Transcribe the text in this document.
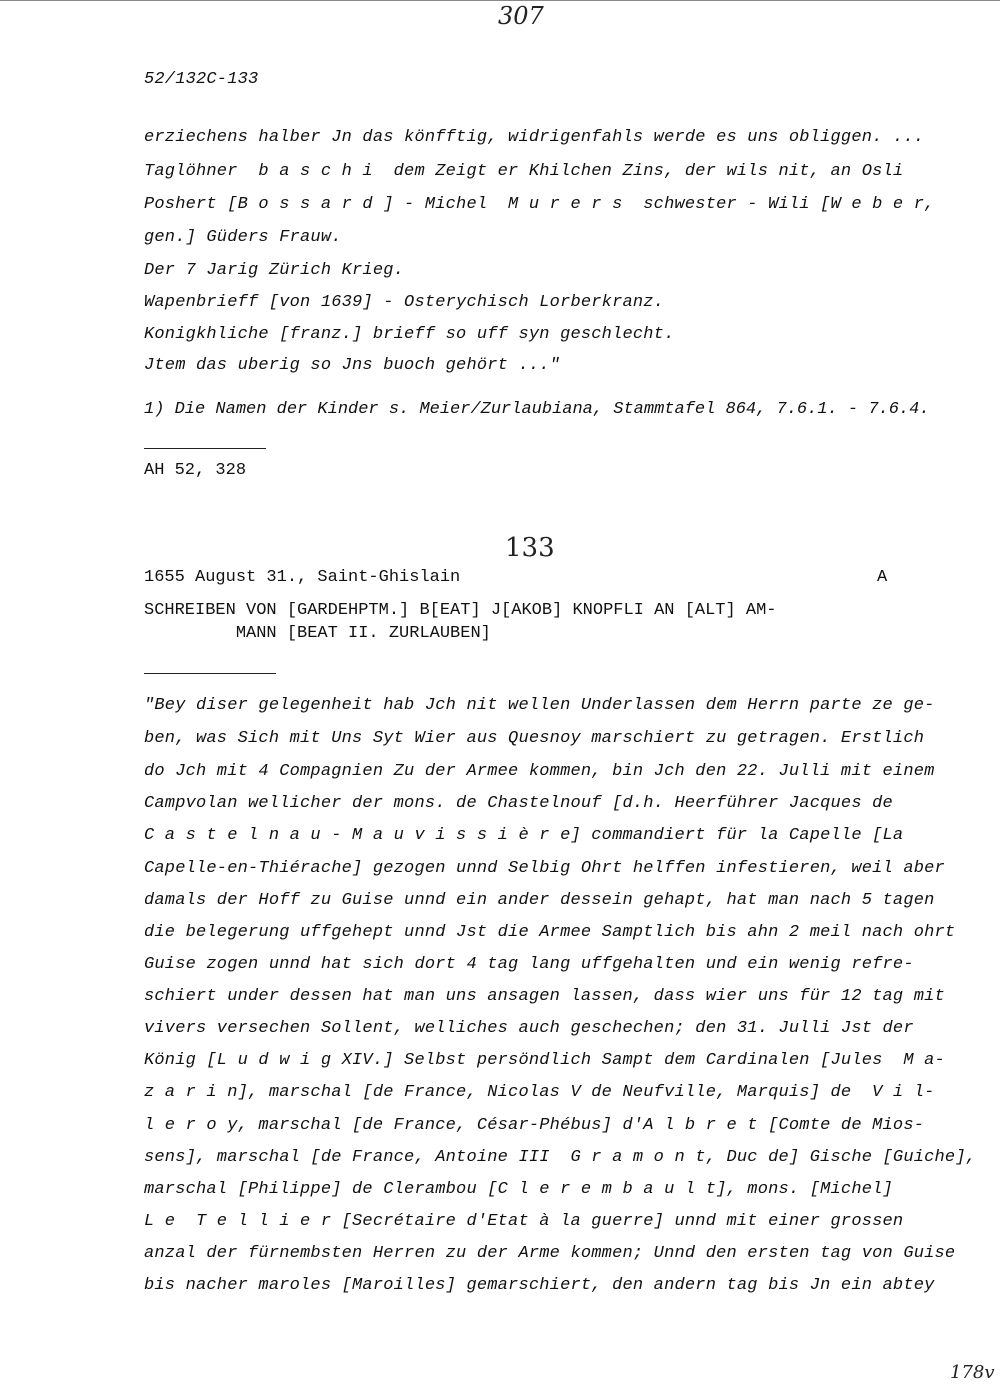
307
52/132C-133
erziechens halber Jn das könfftig, widrigenfahls werde es uns obliggen. ...
Taglöhner  b a s c h i  dem Zeigt er Khilchen Zins, der wils nit, an Osli
Poshert [B o s s a r d ] - Michel  M u r e r s  schwester - Wili [W e b e r,
gen.] Güders Frauw.
Der 7 Jarig Zürich Krieg.
Wapenbrieff [von 1639] - Osterychisch Lorberkranz.
Konigkhliche [franz.] brieff so uff syn geschlecht.
Jtem das uberig so Jns buoch gehört ..."
1) Die Namen der Kinder s. Meier/Zurlaubiana, Stammtafel 864, 7.6.1. - 7.6.4.
AH 52, 328
133
1655 August 31., Saint-Ghislain	A
SCHREIBEN VON [GARDEHPTM.] B[EAT] J[AKOB] KNOPFLI AN [ALT] AM-
MANN [BEAT II. ZURLAUBEN]
"Bey diser gelegenheit hab Jch nit wellen Underlassen dem Herrn parte ze ge-
ben, was Sich mit Uns Syt Wier aus Quesnoy marschiert zu getragen. Erstlich
do Jch mit 4 Compagnien Zu der Armee kommen, bin Jch den 22. Julli mit einem
Campvolan wellicher der mons. de Chastelnouf [d.h. Heerführer Jacques de
C a s t e l n a u - M a u v i s s i è r e] commandiert für la Capelle [La
Capelle-en-Thiérache] gezogen unnd Selbig Ohrt helffen infestieren, weil aber
damals der Hoff zu Guise unnd ein ander dessein gehapt, hat man nach 5 tagen
die belegerung uffgehept unnd Jst die Armee Samptlich bis ahn 2 meil nach ohrt
Guise zogen unnd hat sich dort 4 tag lang uffgehalten und ein wenig refre-
schiert under dessen hat man uns ansagen lassen, dass wier uns für 12 tag mit
vivers versechen Sollent, welliches auch geschechen; den 31. Julli Jst der
König [L u d w i g XIV.] Selbst persöndlich Sampt dem Cardinalen [Jules  M a-
z a r i n], marschal [de France, Nicolas V de Neufville, Marquis] de  V i l-
l e r o y, marschal [de France, César-Phébus] d'A l b r e t [Comte de Mios-
sens], marschal [de France, Antoine III  G r a m o n t, Duc de] Gische [Guiche],
marschal [Philippe] de Clerambou [C l e r e m b a u l t], mons. [Michel]
L e  T e l l i e r [Secrétaire d'Etat à la guerre] unnd mit einer grossen
anzal der fürnembsten Herren zu der Arme kommen; Unnd den ersten tag von Guise
bis nacher maroles [Maroilles] gemarschiert, den andern tag bis Jn ein abtey
178v
